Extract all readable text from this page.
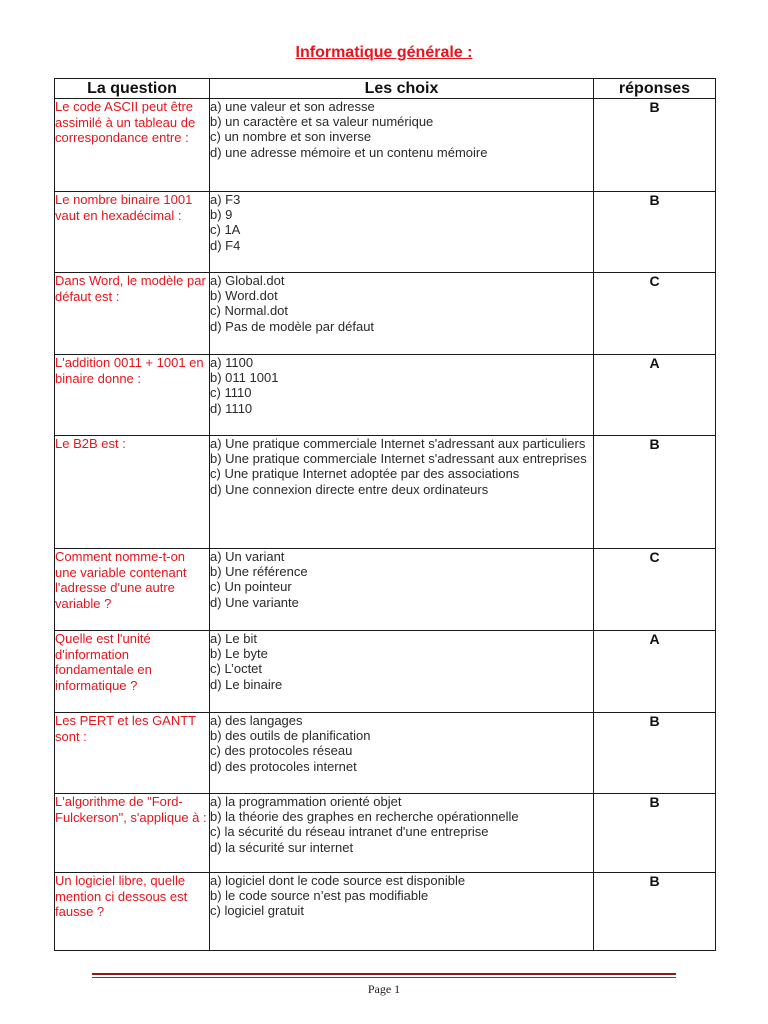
Informatique générale :
La question	Les choix	réponses
Le code ASCII peut être assimilé à un tableau de correspondance entre :	a) une valeur et son adresse
b) un caractère et sa valeur numérique
c) un nombre et son inverse
d) une adresse mémoire et un contenu mémoire	B
Le nombre binaire 1001 vaut en hexadécimal :	a) F3
b) 9
c) 1A
d) F4	B
Dans Word, le modèle par défaut est :	a) Global.dot
b) Word.dot
c) Normal.dot
d) Pas de modèle par défaut	C
L'addition 0011 + 1001 en binaire donne :	a) 1100
b) 011 1001
c) 1110
d) 1110	A
Le B2B est :	a) Une pratique commerciale Internet s'adressant aux particuliers
b) Une pratique commerciale Internet s'adressant aux entreprises
c) Une pratique Internet adoptée par des associations
d) Une connexion directe entre deux ordinateurs	B
Comment nomme-t-on une variable contenant l'adresse d'une autre variable ?	a) Un variant
b) Une référence
c) Un pointeur
d) Une variante	C
Quelle est l'unité d'information fondamentale en informatique ?	a) Le bit
b) Le byte
c) L’octet
d) Le binaire	A
Les PERT et les GANTT sont :	a) des langages
b) des outils de planification
c) des protocoles réseau
d) des protocoles internet	B
L'algorithme de "Ford-Fulckerson", s'applique à :	a) la programmation orienté objet
b) la théorie des graphes en recherche opérationnelle
c) la sécurité du réseau intranet d'une entreprise
d) la sécurité sur internet	B
Un logiciel libre, quelle mention ci dessous est fausse ?	a) logiciel dont le code source est disponible
b) le code source n’est pas modifiable
c) logiciel gratuit	B
Page 1
